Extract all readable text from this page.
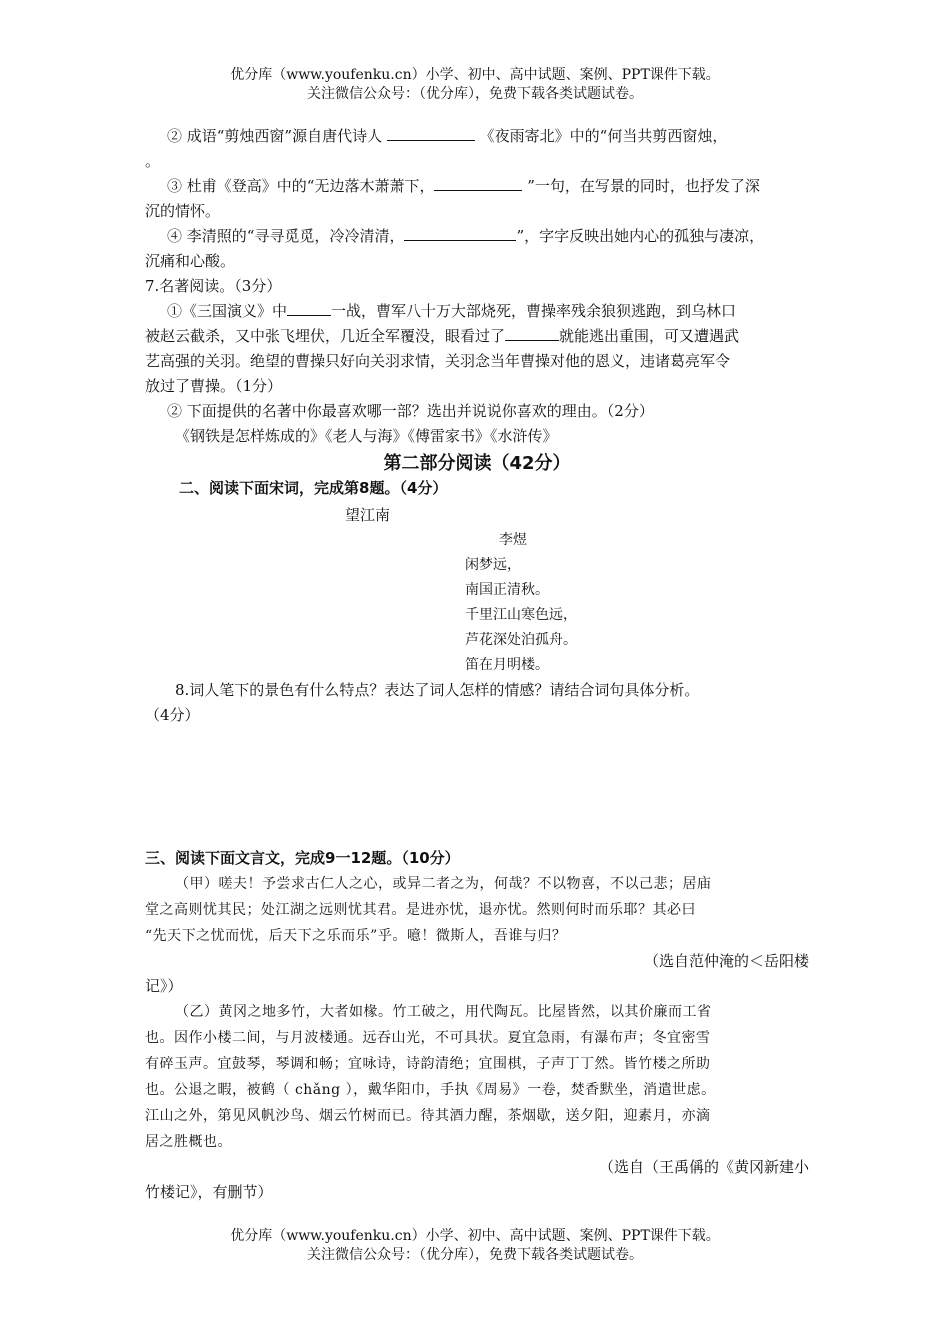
优分库（www.youfenku.cn）小学、初中、高中试题、案例、PPT课件下载。
关注微信公众号：（优分库），免费下载各类试题试卷。

② 成语“剪烛西窗”源自唐代诗人	《夜雨寄北》中的“何当共剪西窗烛，

。

③ 杜甫《登高》中的“无边落木萧萧下，	”一句，在写景的同时，也抒发了深

沉的情怀。

④ 李清照的“寻寻觅觅，冷冷清清，	”，字字反映出她内心的孤独与凄凉，

沉痛和心酸。

7.名著阅读。（3分）

①《三国演义》中	一战，曹军八十万大部烧死，曹操率残余狼狈逃跑，到乌林口

被赵云截杀，又中张飞埋伏，几近全军覆没，眼看过了	就能逃出重围，可又遭遇武

艺高强的关羽。绝望的曹操只好向关羽求情，关羽念当年曹操对他的恩义，违诸葛亮军令

放过了曹操。（1分）

② 下面提供的名著中你最喜欢哪一部？选出并说说你喜欢的理由。（2分）

《钢铁是怎样炼成的》《老人与海》《傅雷家书》《水浒传》

第二部分阅读（42分）

二、阅读下面宋词，完成第8题。（4分）

望江南

李煜

闲梦远，

南国正清秋。

千里江山寒色远，

芦花深处泊孤舟。

笛在月明楼。

8.词人笔下的景色有什么特点？表达了词人怎样的情感？请结合词句具体分析。

（4分）

三、阅读下面文言文，完成9一12题。（10分）

（甲）嗟夫！予尝求古仁人之心，或异二者之为，何哉？不以物喜，不以己悲；居庙

堂之高则忧其民；处江湖之远则忧其君。是进亦忧，退亦忧。然则何时而乐耶？其必曰

“先天下之忧而忧，后天下之乐而乐”乎。噫！微斯人，吾谁与归？

（选自范仲淹的＜岳阳楼

记》）

（乙）黄冈之地多竹，大者如椽。竹工破之，用代陶瓦。比屋皆然，以其价廉而工省

也。因作小楼二间，与月波楼通。远吞山光，不可具状。夏宜急雨，有瀑布声；冬宜密雪

有碎玉声。宜鼓琴，琴调和畅；宜咏诗，诗韵清绝；宜围棋，子声丁丁然。皆竹楼之所助

也。公退之暇，被鹤（ chǎng ），戴华阳巾，手执《周易》一卷，焚香默坐，消遣世虑。

江山之外，第见风帆沙鸟、烟云竹树而已。待其酒力醒，茶烟歇，送夕阳，迎素月，亦滴

居之胜概也。

（选自（王禹偁的《黄冈新建小

竹楼记》，有删节）

优分库（www.youfenku.cn）小学、初中、高中试题、案例、PPT课件下载。
关注微信公众号：（优分库），免费下载各类试题试卷。
